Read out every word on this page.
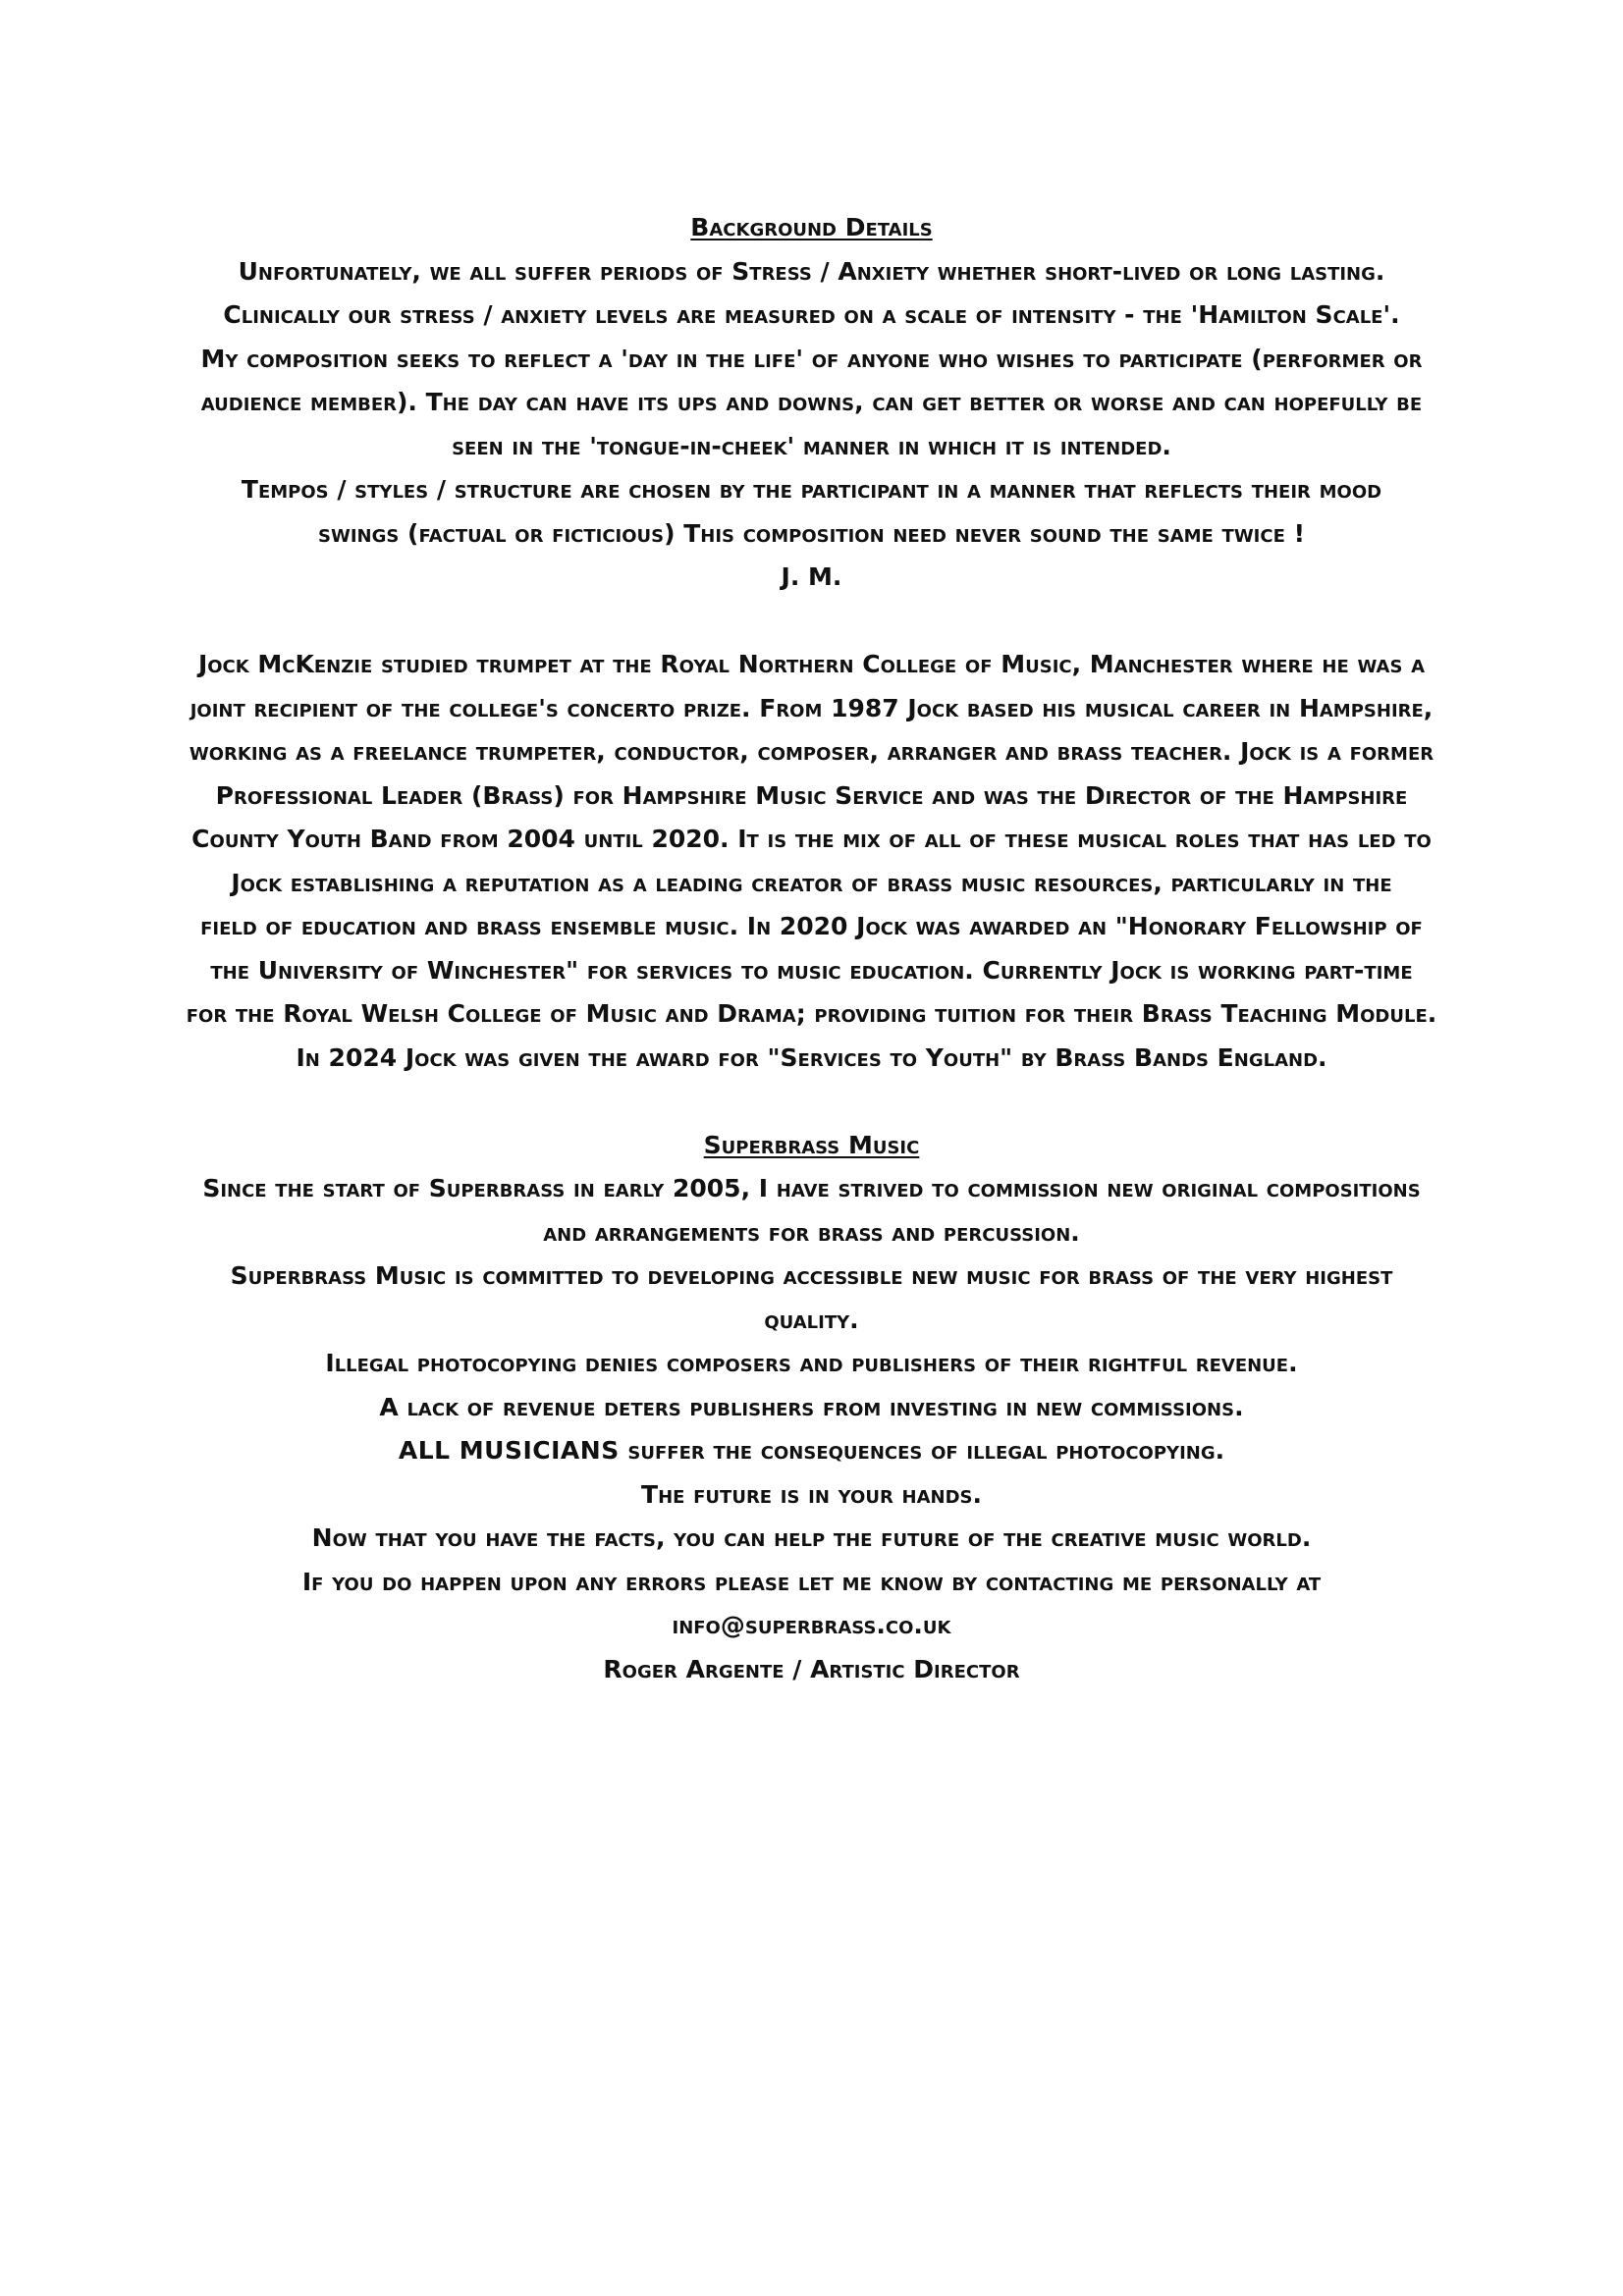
Background Details
Unfortunately, we all suffer periods of Stress / Anxiety whether short-lived or long lasting.
Clinically our stress / anxiety levels are measured on a scale of intensity - the 'Hamilton Scale'.
My composition seeks to reflect a 'day in the life' of anyone who wishes to participate (performer or
audience member). The day can have its ups and downs, can get better or worse and can hopefully be
seen in the 'tongue-in-cheek' manner in which it is intended.
Tempos / styles / structure are chosen by the participant in a manner that reflects their mood
swings (factual or ficticious) This composition need never sound the same twice !
J. M.
Jock McKenzie studied trumpet at the Royal Northern College of Music, Manchester where he was a
joint recipient of the college's concerto prize. From 1987 Jock based his musical career in Hampshire,
working as a freelance trumpeter, conductor, composer, arranger and brass teacher. Jock is a former
Professional Leader (Brass) for Hampshire Music Service and was the Director of the Hampshire
County Youth Band from 2004 until 2020. It is the mix of all of these musical roles that has led to
Jock establishing a reputation as a leading creator of brass music resources, particularly in the
field of education and brass ensemble music. In 2020 Jock was awarded an "Honorary Fellowship of
the University of Winchester" for services to music education. Currently Jock is working part-time
for the Royal Welsh College of Music and Drama; providing tuition for their Brass Teaching Module.
In 2024 Jock was given the award for "Services to Youth" by Brass Bands England.
Superbrass Music
Since the start of Superbrass in early 2005, I have strived to commission new original compositions
and arrangements for brass and percussion.
Superbrass Music is committed to developing accessible new music for brass of the very highest
quality.
Illegal photocopying denies composers and publishers of their rightful revenue.
A lack of revenue deters publishers from investing in new commissions.
ALL MUSICIANS suffer the consequences of illegal photocopying.
The future is in your hands.
Now that you have the facts, you can help the future of the creative music world.
If you do happen upon any errors please let me know by contacting me personally at
info@superbrass.co.uk
Roger Argente / Artistic Director
